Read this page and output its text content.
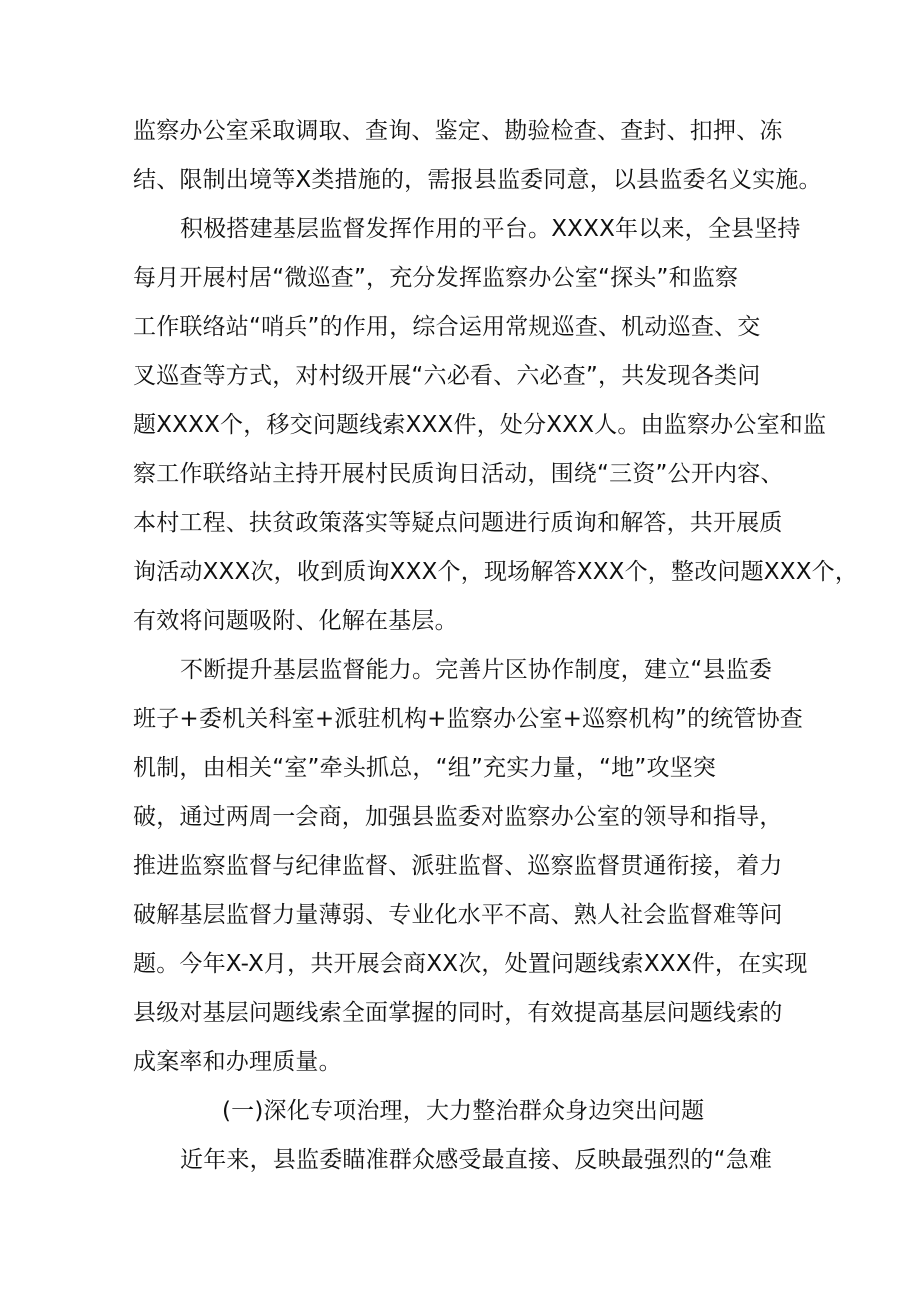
监察办公室采取调取、查询、鉴定、勘验检查、查封、扣押、冻
结、限制出境等X类措施的，需报县监委同意，以县监委名义实施。
积极搭建基层监督发挥作用的平台。XXXX年以来，全县坚持
每月开展村居“微巡查”，充分发挥监察办公室“探头”和监察
工作联络站“哨兵”的作用，综合运用常规巡查、机动巡查、交
叉巡查等方式，对村级开展“六必看、六必查”，共发现各类问
题XXXX个，移交问题线索XXX件，处分XXX人。由监察办公室和监
察工作联络站主持开展村民质询日活动，围绕“三资”公开内容、
本村工程、扶贫政策落实等疑点问题进行质询和解答，共开展质
询活动XXX次，收到质询XXX个，现场解答XXX个，整改问题XXX个，
有效将问题吸附、化解在基层。
不断提升基层监督能力。完善片区协作制度，建立“县监委
班子+委机关科室+派驻机构+监察办公室+巡察机构”的统管协查
机制，由相关“室”牵头抓总，“组”充实力量，“地”攻坚突
破，通过两周一会商，加强县监委对监察办公室的领导和指导，
推进监察监督与纪律监督、派驻监督、巡察监督贯通衔接，着力
破解基层监督力量薄弱、专业化水平不高、熟人社会监督难等问
题。今年X-X月，共开展会商XX次，处置问题线索XXX件，在实现
县级对基层问题线索全面掌握的同时，有效提高基层问题线索的
成案率和办理质量。
(一)深化专项治理，大力整治群众身边突出问题
近年来，县监委瞄准群众感受最直接、反映最强烈的“急难
